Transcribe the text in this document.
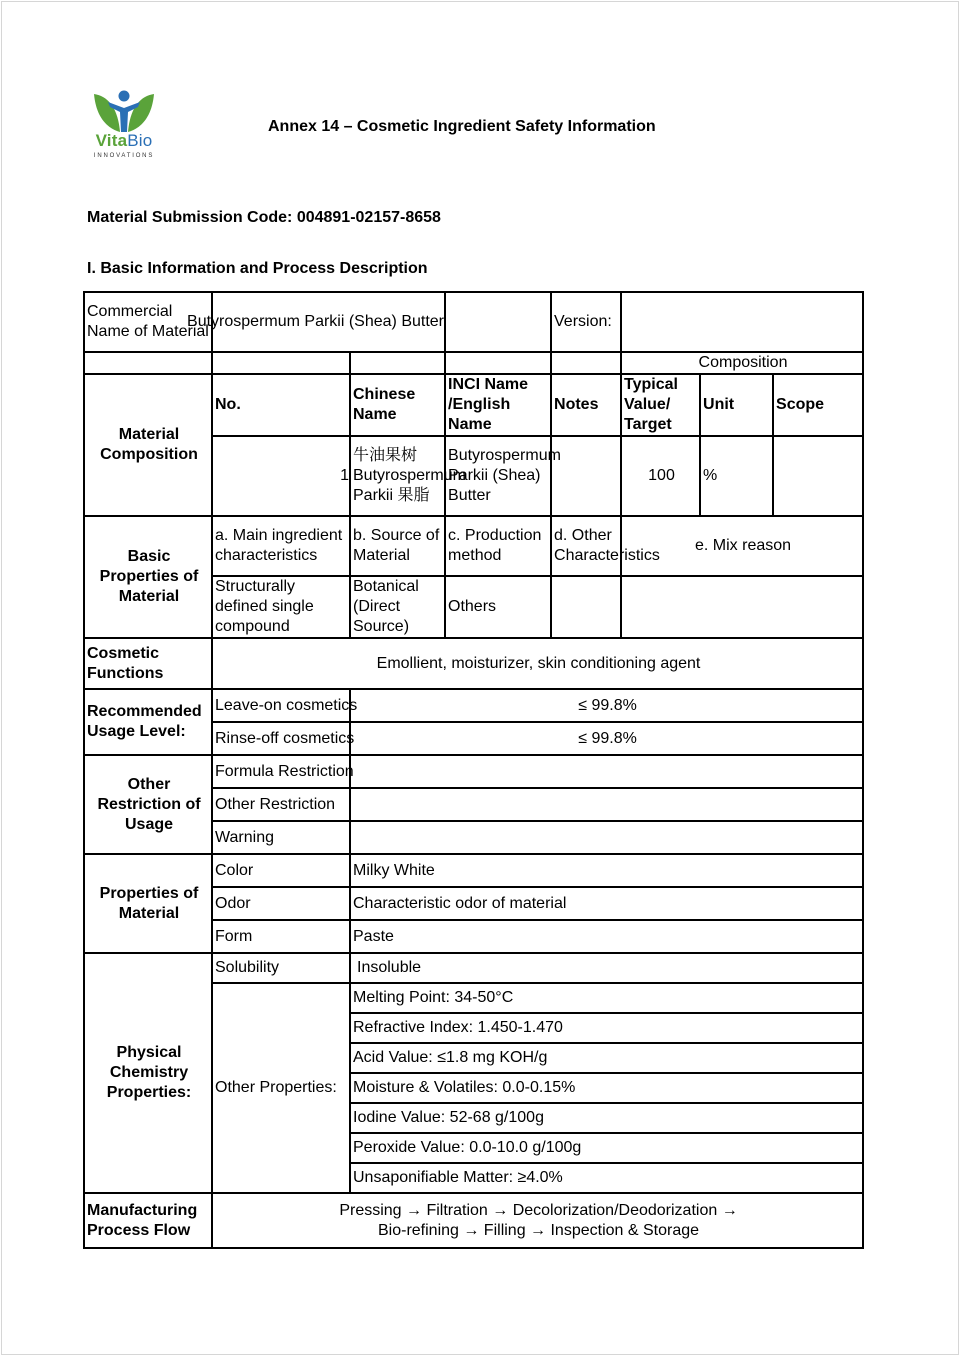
VitaBio
INNOVATIONS
Annex 14 – Cosmetic Ingredient Safety Information
Material Submission Code: 004891-02157-8658
I. Basic Information and Process Description
Commercial Name of Material	Butyrospermum Parkii (Shea) Butter			Version:			
					Composition		
Material Composition	No.	Chinese Name	INCI Name /English Name	Notes	Typical Value/ Target	Unit	Scope
	1	牛油果树 Butyrospermum Parkii 果脂	Butyrospermum Parkii (Shea) Butter		100	%	
Basic Properties of Material	a. Main ingredient characteristics	b. Source of Material	c. Production method	d. Other Characteristics	e. Mix reason		
	Structurally defined single compound	Botanical (Direct Source)	Others				
Cosmetic Functions	Emollient, moisturizer, skin conditioning agent						
Recommended Usage Level:	Leave-on cosmetics	≤ 99.8%					
	Rinse-off cosmetics	≤ 99.8%					
Other Restriction of Usage	Formula Restriction						
	Other Restriction						
	Warning						
Properties of Material	Color	Milky White					
	Odor	Characteristic odor of material					
	Form	Paste					
Physical Chemistry Properties:	Solubility	Insoluble					
	Other Properties:	Melting Point: 34-50°C					
		Refractive Index: 1.450-1.470					
		Acid Value: ≤1.8 mg KOH/g					
		Moisture & Volatiles: 0.0-0.15%					
		Iodine Value: 52-68 g/100g					
		Peroxide Value: 0.0-10.0 g/100g					
		Unsaponifiable Matter: ≥4.0%					
Manufacturing Process Flow	Pressing → Filtration → Decolorization/Deodorization →
Bio-refining → Filling → Inspection & Storage						
